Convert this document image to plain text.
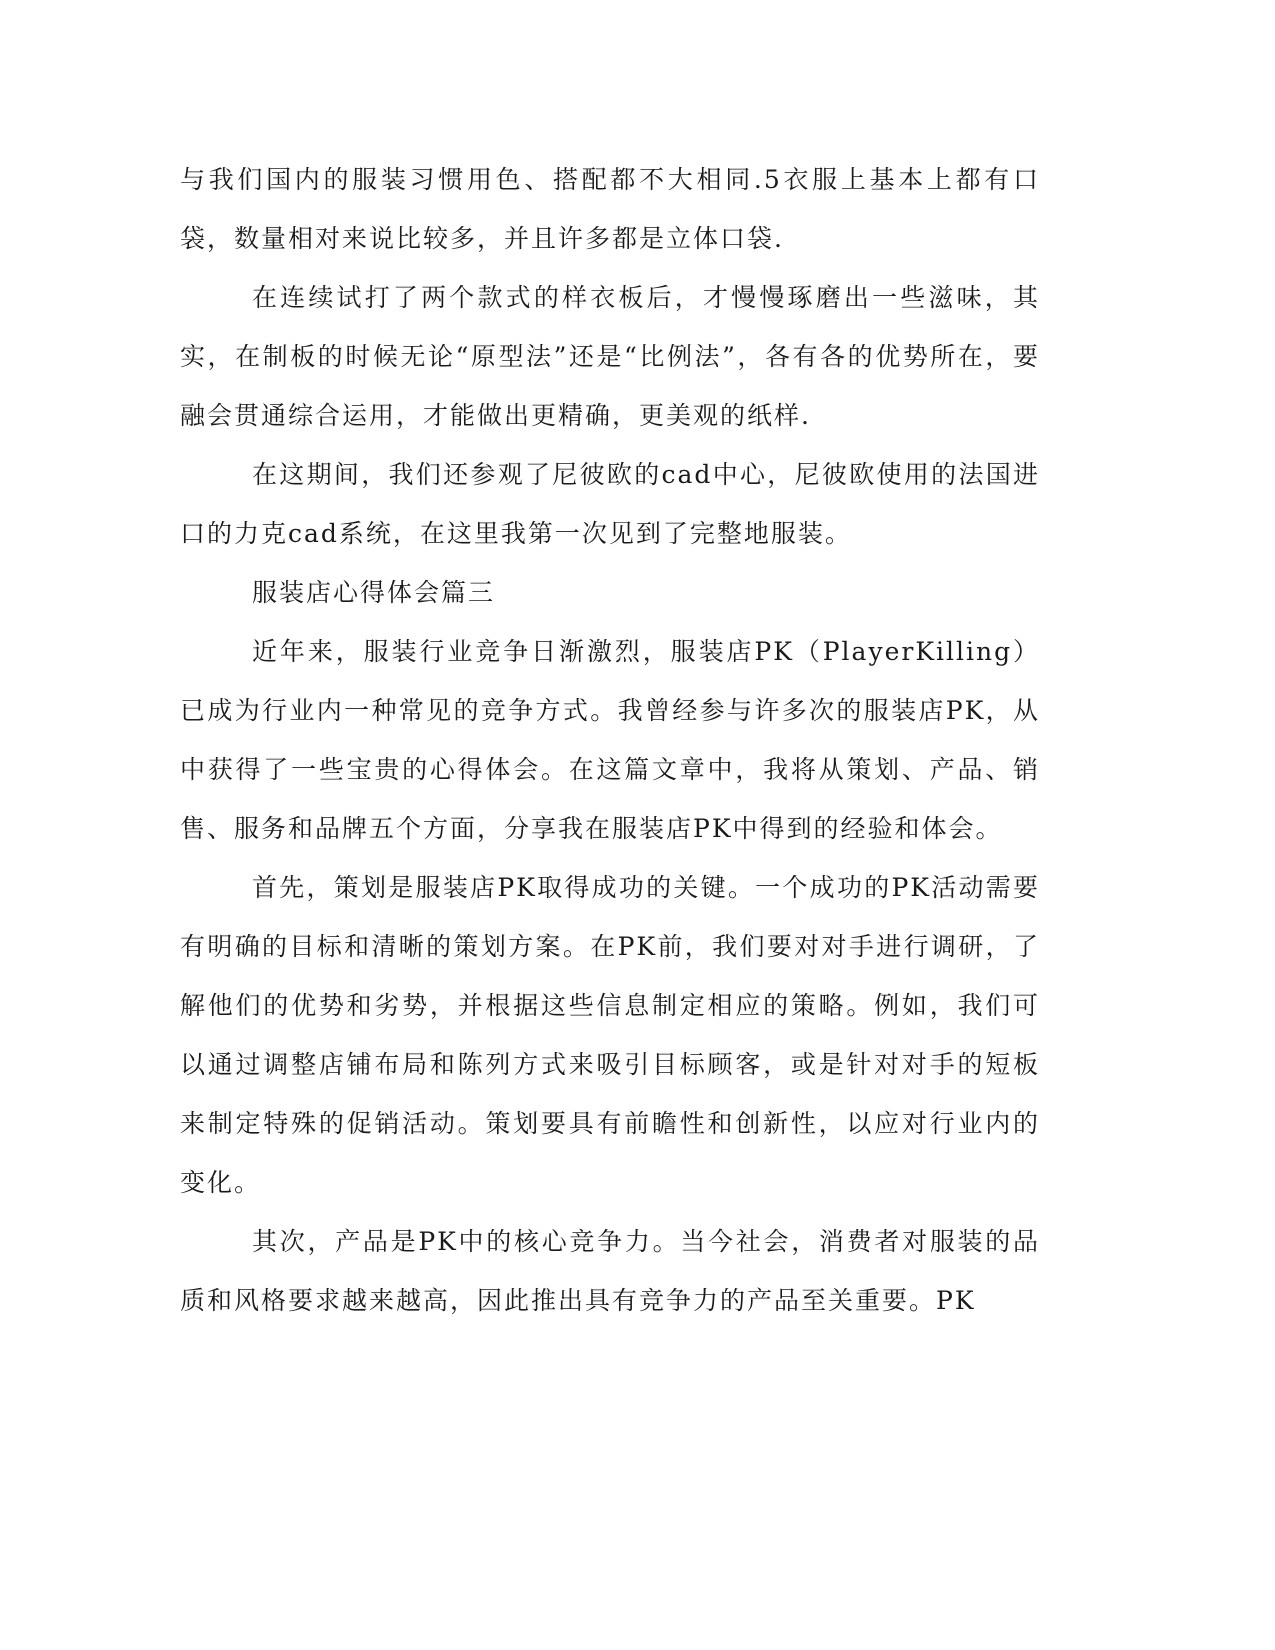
与我们国内的服装习惯用色、搭配都不大相同.5衣服上基本上都有口袋，数量相对来说比较多，并且许多都是立体口袋.

在连续试打了两个款式的样衣板后，才慢慢琢磨出一些滋味，其实，在制板的时候无论“原型法”还是“比例法”，各有各的优势所在，要融会贯通综合运用，才能做出更精确，更美观的纸样.

在这期间，我们还参观了尼彼欧的cad中心，尼彼欧使用的法国进口的力克cad系统，在这里我第一次见到了完整地服装。

服装店心得体会篇三

近年来，服装行业竞争日渐激烈，服装店PK（PlayerKilling）已成为行业内一种常见的竞争方式。我曾经参与许多次的服装店PK，从中获得了一些宝贵的心得体会。在这篇文章中，我将从策划、产品、销售、服务和品牌五个方面，分享我在服装店PK中得到的经验和体会。

首先，策划是服装店PK取得成功的关键。一个成功的PK活动需要有明确的目标和清晰的策划方案。在PK前，我们要对对手进行调研，了解他们的优势和劣势，并根据这些信息制定相应的策略。例如，我们可以通过调整店铺布局和陈列方式来吸引目标顾客，或是针对对手的短板来制定特殊的促销活动。策划要具有前瞻性和创新性，以应对行业内的变化。

其次，产品是PK中的核心竞争力。当今社会，消费者对服装的品质和风格要求越来越高，因此推出具有竞争力的产品至关重要。PK
